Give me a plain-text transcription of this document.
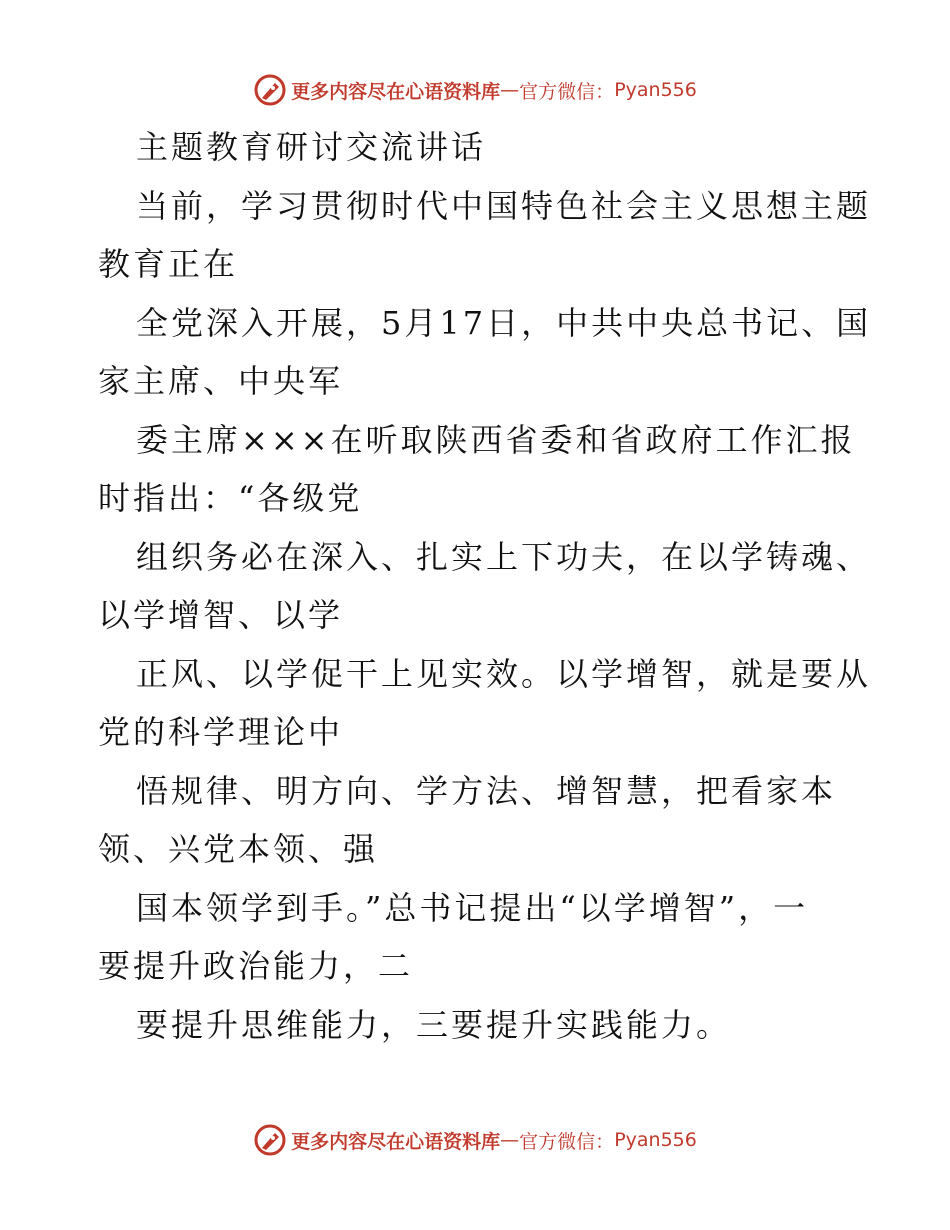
更多内容尽在心语资料库 — 官方微信： Pyan556
主题教育研讨交流讲话
当前，学习贯彻时代中国特色社会主义思想主题
教育正在
全党深入开展，5月17日，中共中央总书记、国
家主席、中央军
委主席×××在听取陕西省委和省政府工作汇报
时指出：“各级党
组织务必在深入、扎实上下功夫，在以学铸魂、
以学增智、以学
正风、以学促干上见实效。以学增智，就是要从
党的科学理论中
悟规律、明方向、学方法、增智慧，把看家本
领、兴党本领、强
国本领学到手。”总书记提出“以学增智”，一
要提升政治能力，二
要提升思维能力，三要提升实践能力。
更多内容尽在心语资料库 — 官方微信： Pyan556
